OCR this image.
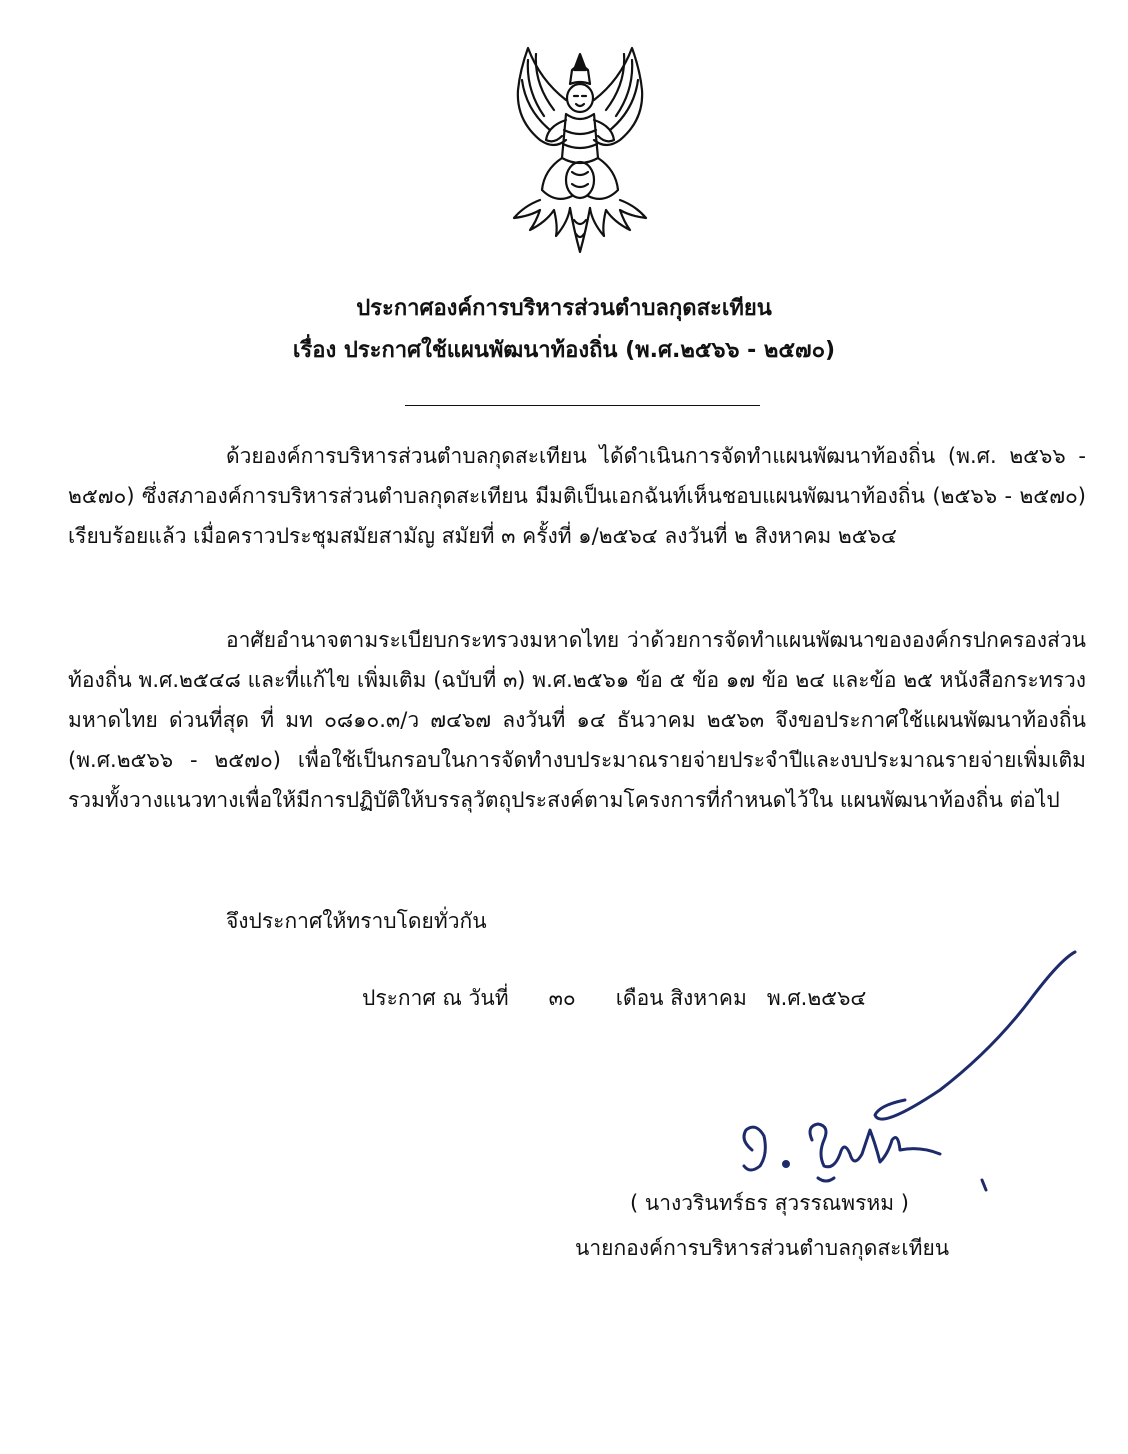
ประกาศองค์การบริหารส่วนตำบลกุดสะเทียน
เรื่อง ประกาศใช้แผนพัฒนาท้องถิ่น (พ.ศ.๒๕๖๖ - ๒๕๗๐)

ด้วยองค์การบริหารส่วนตำบลกุดสะเทียน ได้ดำเนินการจัดทำแผนพัฒนาท้องถิ่น (พ.ศ. ๒๕๖๖ - ๒๕๗๐) ซึ่งสภาองค์การบริหารส่วนตำบลกุดสะเทียน มีมติเป็นเอกฉันท์เห็นชอบแผนพัฒนาท้องถิ่น (๒๕๖๖ - ๒๕๗๐) เรียบร้อยแล้ว เมื่อคราวประชุมสมัยสามัญ สมัยที่ ๓ ครั้งที่ ๑/๒๕๖๔ ลงวันที่ ๒ สิงหาคม ๒๕๖๔

อาศัยอำนาจตามระเบียบกระทรวงมหาดไทย ว่าด้วยการจัดทำแผนพัฒนาขององค์กรปกครองส่วนท้องถิ่น พ.ศ.๒๕๔๘ และที่แก้ไข เพิ่มเติม (ฉบับที่ ๓) พ.ศ.๒๕๖๑ ข้อ ๕ ข้อ ๑๗ ข้อ ๒๔ และข้อ ๒๕ หนังสือกระทรวงมหาดไทย ด่วนที่สุด ที่ มท ๐๘๑๐.๓/ว ๗๔๖๗ ลงวันที่ ๑๔ ธันวาคม ๒๕๖๓ จึงขอประกาศใช้แผนพัฒนาท้องถิ่น (พ.ศ.๒๕๖๖ - ๒๕๗๐) เพื่อใช้เป็นกรอบในการจัดทำงบประมาณรายจ่ายประจำปีและงบประมาณรายจ่ายเพิ่มเติม รวมทั้งวางแนวทางเพื่อให้มีการปฏิบัติให้บรรลุวัตถุประสงค์ตามโครงการที่กำหนดไว้ใน แผนพัฒนาท้องถิ่น ต่อไป

จึงประกาศให้ทราบโดยทั่วกัน

ประกาศ ณ วันที่ ๓๐ เดือน สิงหาคม พ.ศ.๒๕๖๔

( นางวรินทร์ธร สุวรรณพรหม )

นายกองค์การบริหารส่วนตำบลกุดสะเทียน
